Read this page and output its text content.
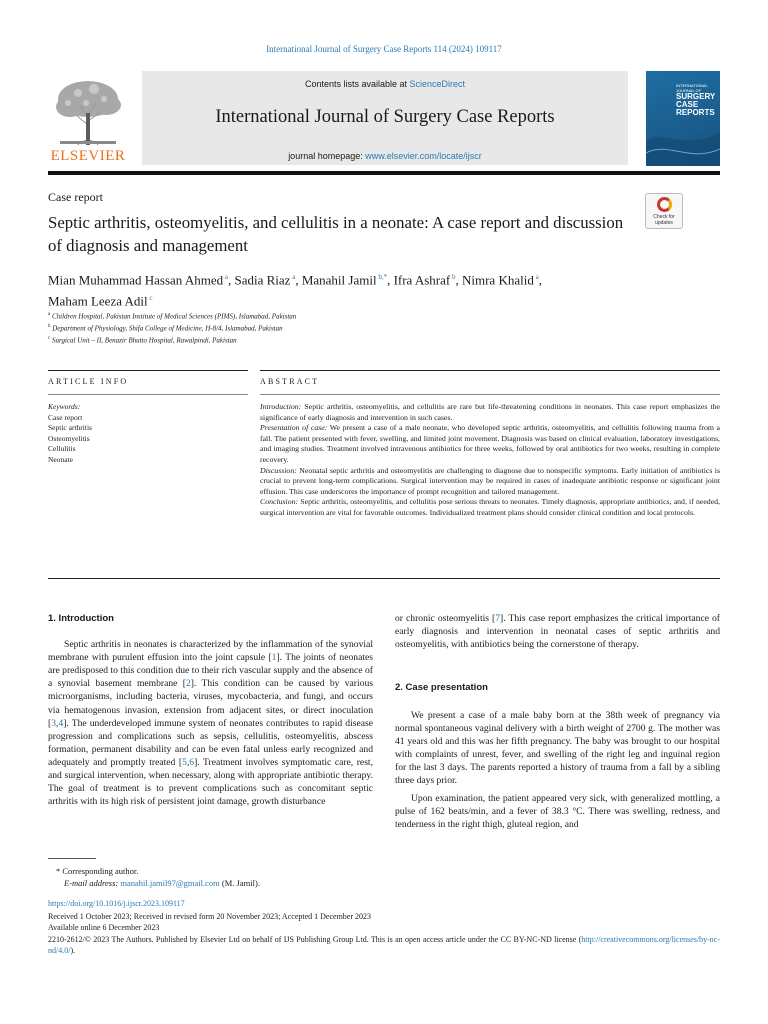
International Journal of Surgery Case Reports 114 (2024) 109117
ELSEVIER
Contents lists available at ScienceDirect
International Journal of Surgery Case Reports
journal homepage: www.elsevier.com/locate/ijscr
INTERNATIONAL JOURNAL OF
SURGERY
CASE
REPORTS
Case report
Septic arthritis, osteomyelitis, and cellulitis in a neonate: A case report and discussion of diagnosis and management
Check for
updates
Mian Muhammad Hassan Ahmed $^a$, Sadia Riaz $^a$, Manahil Jamil $^{b,*}$, Ifra Ashraf $^b$, Nimra Khalid $^a$,
Maham Leeza Adil $^c$
$^a$ Children Hospital, Pakistan Institute of Medical Sciences (PIMS), Islamabad, Pakistan
$^b$ Department of Physiology, Shifa College of Medicine, H-8/4, Islamabad, Pakistan
$^c$ Surgical Unit – II, Benazir Bhutto Hospital, Rawalpindi, Pakistan
ARTICLE INFO	ABSTRACT
Keywords:
Case report
Septic arthritis
Osteomyelitis
Cellulitis
Neonate

Introduction: Septic arthritis, osteomyelitis, and cellulitis are rare but life-threatening conditions in neonates. This case report emphasizes the significance of early diagnosis and intervention in such cases.

Presentation of case: We present a case of a male neonate, who developed septic arthritis, osteomyelitis, and cellulitis following trauma from a fall. The patient presented with fever, swelling, and limited joint movement. Diagnosis was based on clinical evaluation, laboratory investigations, and imaging studies. Treatment involved intravenous antibiotics for three weeks, followed by oral antibiotics for two weeks, resulting in complete recovery.

Discussion: Neonatal septic arthritis and osteomyelitis are challenging to diagnose due to nonspecific symptoms. Early initiation of antibiotics is crucial to prevent long-term complications. Surgical intervention may be required in cases of inadequate antibiotic response or significant joint effusion. This case underscores the importance of prompt recognition and tailored management.

Conclusion: Septic arthritis, osteomyelitis, and cellulitis pose serious threats to neonates. Timely diagnosis, appropriate antibiotics, and, if needed, surgical intervention are vital for favorable outcomes. Individualized treatment plans should consider clinical condition and local protocols.

1. Introduction
Septic arthritis in neonates is characterized by the inflammation of the synovial membrane with purulent effusion into the joint capsule [1]. The joints of neonates are predisposed to this condition due to their rich vascular supply and the absence of a synovial basement membrane [2]. This condition can be caused by various microorganisms, including bacteria, viruses, mycobacteria, and fungi, and occurs via hematogenous invasion, extension from adjacent sites, or direct inoculation [3,4]. The underdeveloped immune system of neonates contributes to rapid disease progression and complications such as sepsis, cellulitis, osteomyelitis, abscess formation, permanent disability and can be even fatal unless early recognized and adequately and promptly treated [5,6]. Treatment involves symptomatic care, rest, and surgical intervention, when necessary, along with appropriate antibiotic therapy. The goal of treatment is to prevent complications such as concomitant septic arthritis with its high risk of persistent joint damage, growth disturbance
or chronic osteomyelitis [7]. This case report emphasizes the critical importance of early diagnosis and intervention in neonatal cases of septic arthritis and osteomyelitis, with antibiotics being the cornerstone of therapy.
2. Case presentation
We present a case of a male baby born at the 38th week of pregnancy via normal spontaneous vaginal delivery with a birth weight of 2700 g. The mother was 41 years old and this was her fifth pregnancy. The baby was brought to our hospital with complaints of unrest, fever, and swelling of the right leg and inguinal region for the last 3 days. The parents reported a history of trauma from a fall by a sibling three days prior.
Upon examination, the patient appeared very sick, with generalized mottling, a pulse of 162 beats/min, and a fever of 38.3 °C. There was swelling, redness, and tenderness in the right thigh, gluteal region, and
* Corresponding author.
E-mail address: manahil.jamil97@gmail.com (M. Jamil).
https://doi.org/10.1016/j.ijscr.2023.109117
Received 1 October 2023; Received in revised form 20 November 2023; Accepted 1 December 2023
Available online 6 December 2023
2210-2612/© 2023 The Authors. Published by Elsevier Ltd on behalf of IJS Publishing Group Ltd. This is an open access article under the CC BY-NC-ND license (http://creativecommons.org/licenses/by-nc-nd/4.0/).
